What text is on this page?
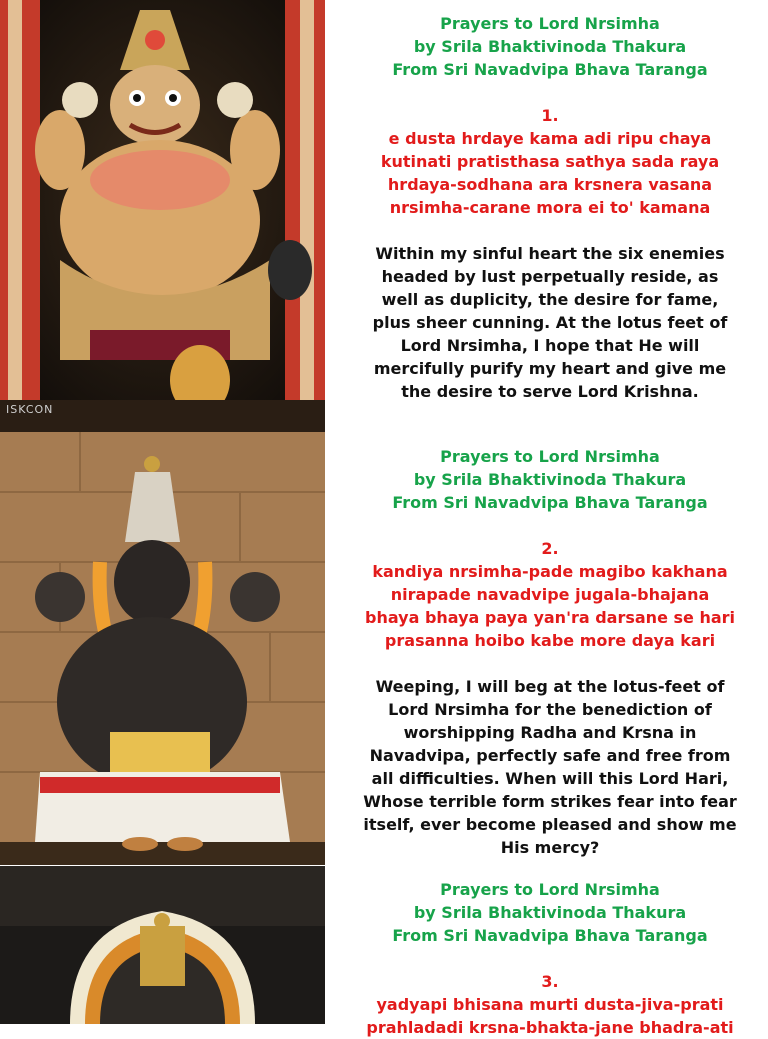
ISKCON
Prayers to Lord Nrsimha
by Srila Bhaktivinoda Thakura
From Sri Navadvipa Bhava Taranga
1.
e dusta hrdaye kama adi ripu chaya
kutinati pratisthasa sathya sada raya
hrdaya-sodhana ara krsnera vasana
nrsimha-carane mora ei to' kamana
Within my sinful heart the six enemies
headed by lust perpetually reside, as
well as duplicity, the desire for fame,
plus sheer cunning. At the lotus feet of
Lord Nrsimha, I hope that He will
mercifully purify my heart and give me
the desire to serve Lord Krishna.
Prayers to Lord Nrsimha
by Srila Bhaktivinoda Thakura
From Sri Navadvipa Bhava Taranga
2.
kandiya nrsimha-pade magibo kakhana
nirapade navadvipe jugala-bhajana
bhaya bhaya paya yan'ra darsane se hari
prasanna hoibo kabe more daya kari
Weeping, I will beg at the lotus-feet of
Lord Nrsimha for the benediction of
worshipping Radha and Krsna in
Navadvipa, perfectly safe and free from
all difficulties. When will this Lord Hari,
Whose terrible form strikes fear into fear
itself, ever become pleased and show me
His mercy?
Prayers to Lord Nrsimha
by Srila Bhaktivinoda Thakura
From Sri Navadvipa Bhava Taranga
3.
yadyapi bhisana murti dusta-jiva-prati
prahladadi krsna-bhakta-jane bhadra-ati
